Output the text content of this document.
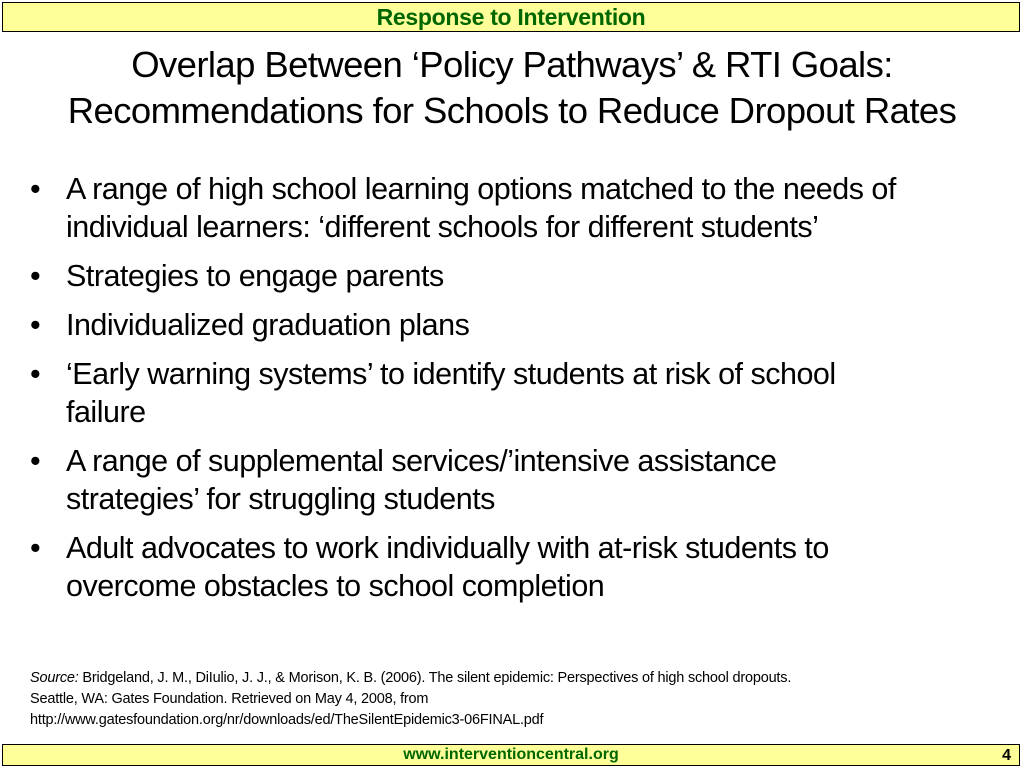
Response to Intervention
Overlap Between ‘Policy Pathways’ & RTI Goals:
Recommendations for Schools to Reduce Dropout Rates
• A range of high school learning options matched to the needs of
individual learners: ‘different schools for different students’
• Strategies to engage parents
• Individualized graduation plans
• ‘Early warning systems’ to identify students at risk of school
failure
• A range of supplemental services/’intensive assistance
strategies’ for struggling students
• Adult advocates to work individually with at-risk students to
overcome obstacles to school completion
Source: Bridgeland, J. M., DiIulio, J. J., & Morison, K. B. (2006). The silent epidemic: Perspectives of high school dropouts.
Seattle, WA: Gates Foundation. Retrieved on May 4, 2008, from
http://www.gatesfoundation.org/nr/downloads/ed/TheSilentEpidemic3-06FINAL.pdf
www.interventioncentral.org	4
